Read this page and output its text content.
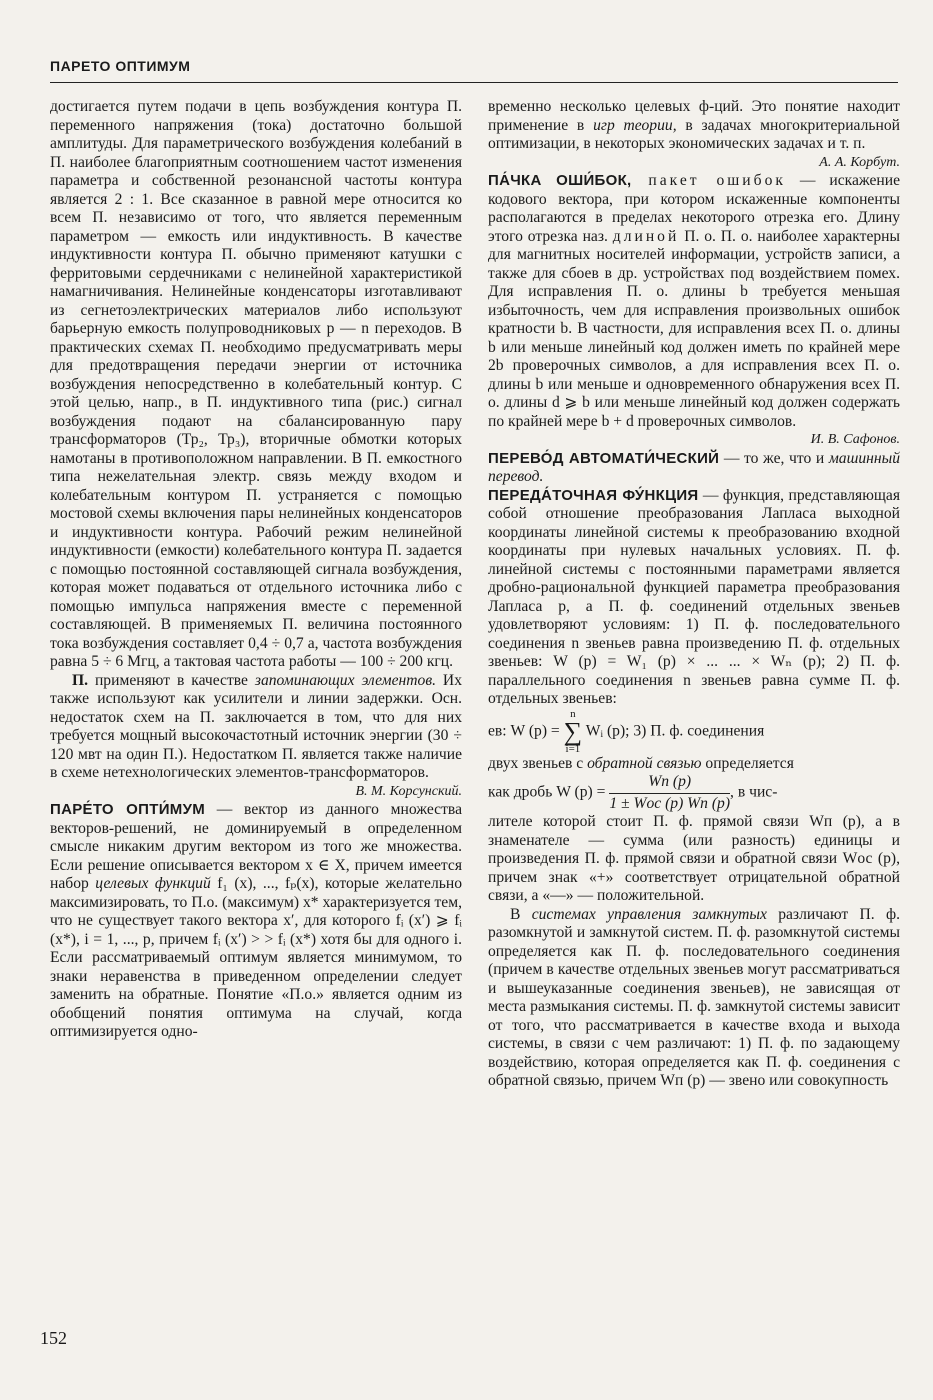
ПАРЕТО ОПТИМУМ

достигается путем подачи в цепь возбуждения контура П. переменного напряжения (тока) достаточно большой амплитуды. Для параметрического возбуждения колебаний в П. наиболее благоприятным соотношением частот изменения параметра и собственной резонансной частоты контура является 2 : 1. Все сказанное в равной мере относится ко всем П. независимо от того, что является переменным параметром — емкость или индуктивность. В качестве индуктивности контура П. обычно применяют катушки с ферритовыми сердечниками с нелинейной характеристикой намагничивания. Нелинейные конденсаторы изготавливают из сегнетоэлектрических материалов либо используют барьерную емкость полупроводниковых p — n переходов. В практических схемах П. необходимо предусматривать меры для предотвращения передачи энергии от источника возбуждения непосредственно в колебательный контур. С этой целью, напр., в П. индуктивного типа (рис.) сигнал возбуждения подают на сбалансированную пару трансформаторов (Тр₂, Тр₃), вторичные обмотки которых намотаны в противоположном направлении. В П. емкостного типа нежелательная электр. связь между входом и колебательным контуром П. устраняется с помощью мостовой схемы включения пары нелинейных конденсаторов и индуктивности контура. Рабочий режим нелинейной индуктивности (емкости) колебательного контура П. задается с помощью постоянной составляющей сигнала возбуждения, которая может подаваться от отдельного источника либо с помощью импульса напряжения вместе с переменной составляющей. В применяемых П. величина постоянного тока возбуждения составляет 0,4 ÷ 0,7 а, частота возбуждения равна 5 ÷ 6 Мгц, а тактовая частота работы — 100 ÷ 200 кгц.

П. применяют в качестве запоминающих элементов. Их также используют как усилители и линии задержки. Осн. недостаток схем на П. заключается в том, что для них требуется мощный высокочастотный источник энергии (30 ÷ 120 мвт на один П.). Недостатком П. является также наличие в схеме нетехнологических элементов-трансформаторов.

В. М. Корсунский.

ПАРЕ́ТО ОПТИ́МУМ — вектор из данного множества векторов-решений, не доминируемый в определенном смысле никаким другим вектором из того же множества. Если решение описывается вектором x ∈ X, причем имеется набор целевых функций f₁ (x), ..., fₚ(x), которые желательно максимизировать, то П.о. (максимум) x* характеризуется тем, что не существует такого вектора x′, для которого fᵢ (x′) ⩾ fᵢ (x*), i = 1, ..., p, причем fᵢ (x′) > > fᵢ (x*) хотя бы для одного i. Если рассматриваемый оптимум является минимумом, то знаки неравенства в приведенном определении следует заменить на обратные. Понятие «П.о.» является одним из обобщений понятия оптимума на случай, когда оптимизируется одно-

временно несколько целевых ф-ций. Это понятие находит применение в игр теории, в задачах многокритериальной оптимизации, в некоторых экономических задачах и т. п.

А. А. Корбут.

ПА́ЧКА ОШИ́БОК, пакет ошибок — искажение кодового вектора, при котором искаженные компоненты располагаются в пределах некоторого отрезка его. Длину этого отрезка наз. длиной П. о. П. о. наиболее характерны для магнитных носителей информации, устройств записи, а также для сбоев в др. устройствах под воздействием помех. Для исправления П. о. длины b требуется меньшая избыточность, чем для исправления произвольных ошибок кратности b. В частности, для исправления всех П. о. длины b или меньше линейный код должен иметь по крайней мере 2b проверочных символов, а для исправления всех П. о. длины b или меньше и одновременного обнаружения всех П. о. длины d ⩾ b или меньше линейный код должен содержать по крайней мере b + d проверочных символов.

И. В. Сафонов.

ПЕРЕВО́Д АВТОМАТИ́ЧЕСКИЙ — то же, что и машинный перевод.

ПЕРЕДА́ТОЧНАЯ ФУ́НКЦИЯ — функция, представляющая собой отношение преобразования Лапласа выходной координаты линейной системы к преобразованию входной координаты при нулевых начальных условиях. П. ф. линейной системы с постоянными параметрами является дробно-рациональной функцией параметра преобразования Лапласа p, а П. ф. соединений отдельных звеньев удовлетворяют условиям: 1) П. ф. последовательного соединения n звеньев равна произведению П. ф. отдельных звеньев: W (p) = W₁ (p) × ... ... × Wₙ (p); 2) П. ф. параллельного соединения n звеньев равна сумме П. ф. отдельных звеньев:

ев: W (p) = n
∑
i=1 Wᵢ (p); 3) П. ф. соединения

двух звеньев с обратной связью определяется

как дробь W $(p) = \frac{Wп (p)}{\text{1 ± Wос (p) Wп (p)}}$ , в чис-

лителе которой стоит П. ф. прямой связи Wп (p), а в знаменателе — сумма (или разность) единицы и произведения П. ф. прямой связи и обратной связи Wос (p), причем знак «+» соответствует отрицательной обратной связи, а «—» — положительной.

В системах управления замкнутых различают П. ф. разомкнутой и замкнутой систем. П. ф. разомкнутой системы определяется как П. ф. последовательного соединения (причем в качестве отдельных звеньев могут рассматриваться и вышеуказанные соединения звеньев), не зависящая от места размыкания системы. П. ф. замкнутой системы зависит от того, что рассматривается в качестве входа и выхода системы, в связи с чем различают: 1) П. ф. по задающему воздействию, которая определяется как П. ф. соединения с обратной связью, причем Wп (p) — звено или совокупность

152
